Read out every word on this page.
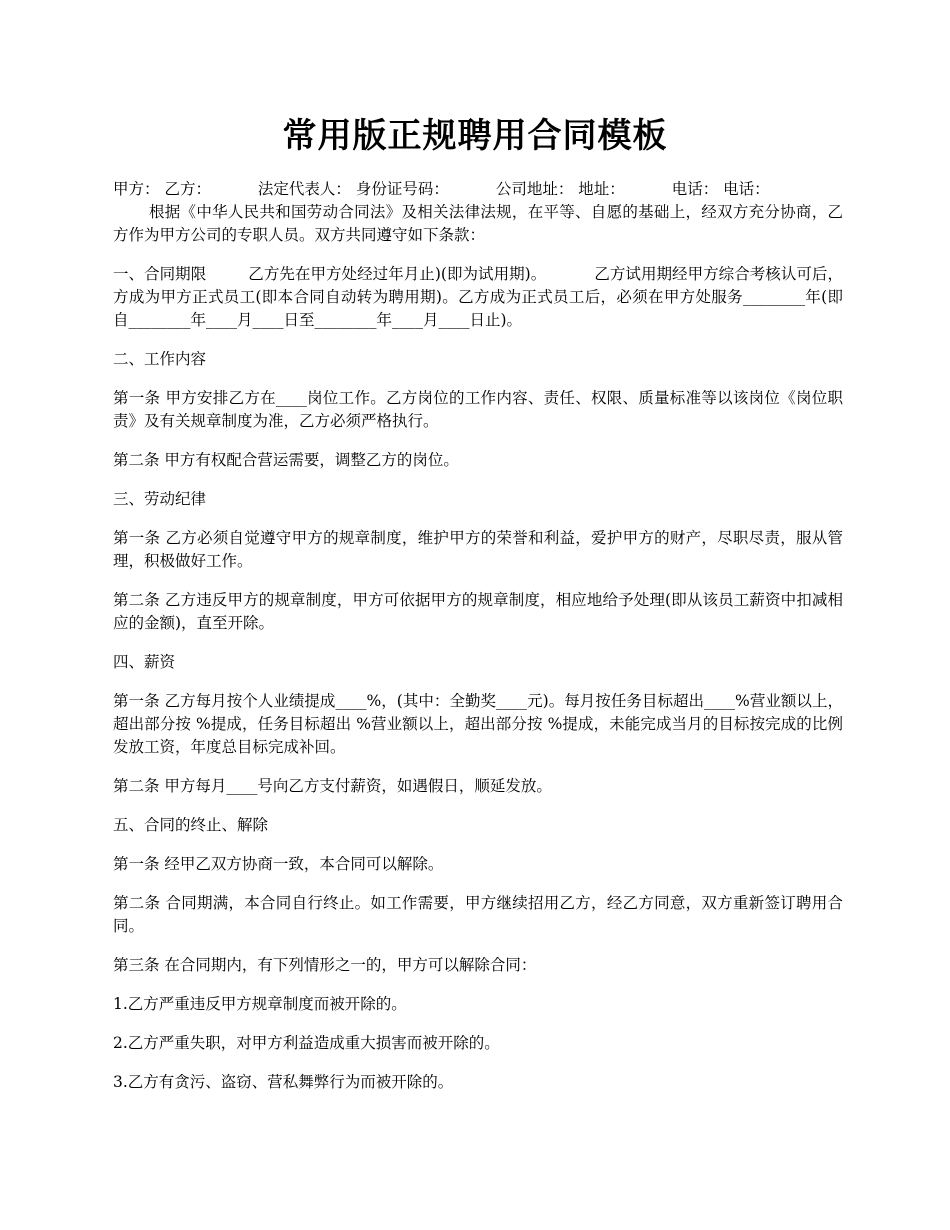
常用版正规聘用合同模板

甲方： 乙方：	法定代表人： 身份证号码：	公司地址： 地址：	电话： 电话：

根据《中华人民共和国劳动合同法》及相关法律法规，在平等、自愿的基础上，经双方充分协商，乙方作为甲方公司的专职人员。双方共同遵守如下条款：

一、合同期限	乙方先在甲方处经过年月止)(即为试用期)。	乙方试用期经甲方综合考核认可后，方成为甲方正式员工(即本合同自动转为聘用期)。乙方成为正式员工后，必须在甲方处服务________年(即自________年____月____日至________年____月____日止)。

二、工作内容

第一条 甲方安排乙方在____岗位工作。乙方岗位的工作内容、责任、权限、质量标准等以该岗位《岗位职责》及有关规章制度为准，乙方必须严格执行。

第二条 甲方有权配合营运需要，调整乙方的岗位。

三、劳动纪律

第一条 乙方必须自觉遵守甲方的规章制度，维护甲方的荣誉和利益，爱护甲方的财产，尽职尽责，服从管理，积极做好工作。

第二条 乙方违反甲方的规章制度，甲方可依据甲方的规章制度，相应地给予处理(即从该员工薪资中扣减相应的金额)，直至开除。

四、薪资

第一条 乙方每月按个人业绩提成____%，(其中：全勤奖____元)。每月按任务目标超出____%营业额以上，超出部分按 %提成，任务目标超出 %营业额以上，超出部分按 %提成，未能完成当月的目标按完成的比例发放工资，年度总目标完成补回。

第二条 甲方每月____号向乙方支付薪资，如遇假日，顺延发放。

五、合同的终止、解除

第一条 经甲乙双方协商一致，本合同可以解除。

第二条 合同期满，本合同自行终止。如工作需要，甲方继续招用乙方，经乙方同意，双方重新签订聘用合同。

第三条 在合同期内，有下列情形之一的，甲方可以解除合同：

1.乙方严重违反甲方规章制度而被开除的。

2.乙方严重失职，对甲方利益造成重大损害而被开除的。

3.乙方有贪污、盗窃、营私舞弊行为而被开除的。
